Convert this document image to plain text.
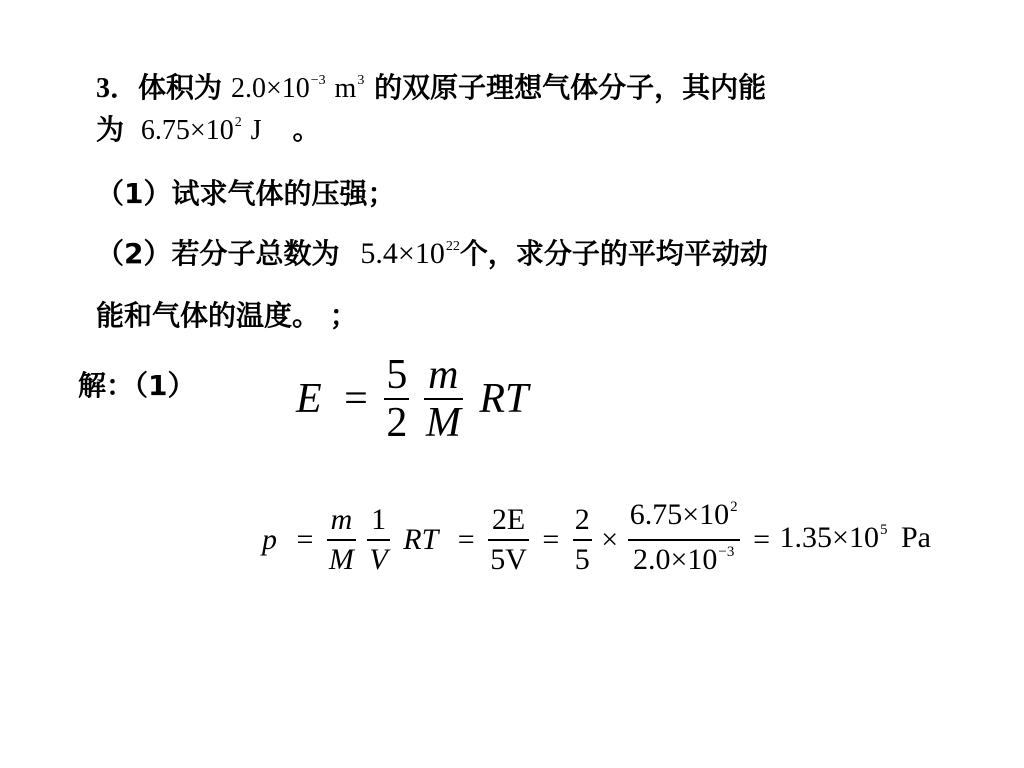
3．体积为 $2.0\times 10^{-3}$ $m^3$ 的双原子理想气体分子，其内能
为 $6.75\times 10^2$ J 。
（1）试求气体的压强；
（2）若分子总数为 $5.4\times 10^{22}$个，求分子的平均平动动
能和气体的温度。 ；
解：（1） $E = \frac{5}{2}$
$\frac{m}{M}$ RT
$p = \frac{m}{M}$
$\frac{1}{V}$ RT = $\frac{2E}{5V} = \frac{2}{5} \times \frac{6.75\times 10^2}{2.0\times 10^{-3}} = 1.35\times 10^5$ Pa
